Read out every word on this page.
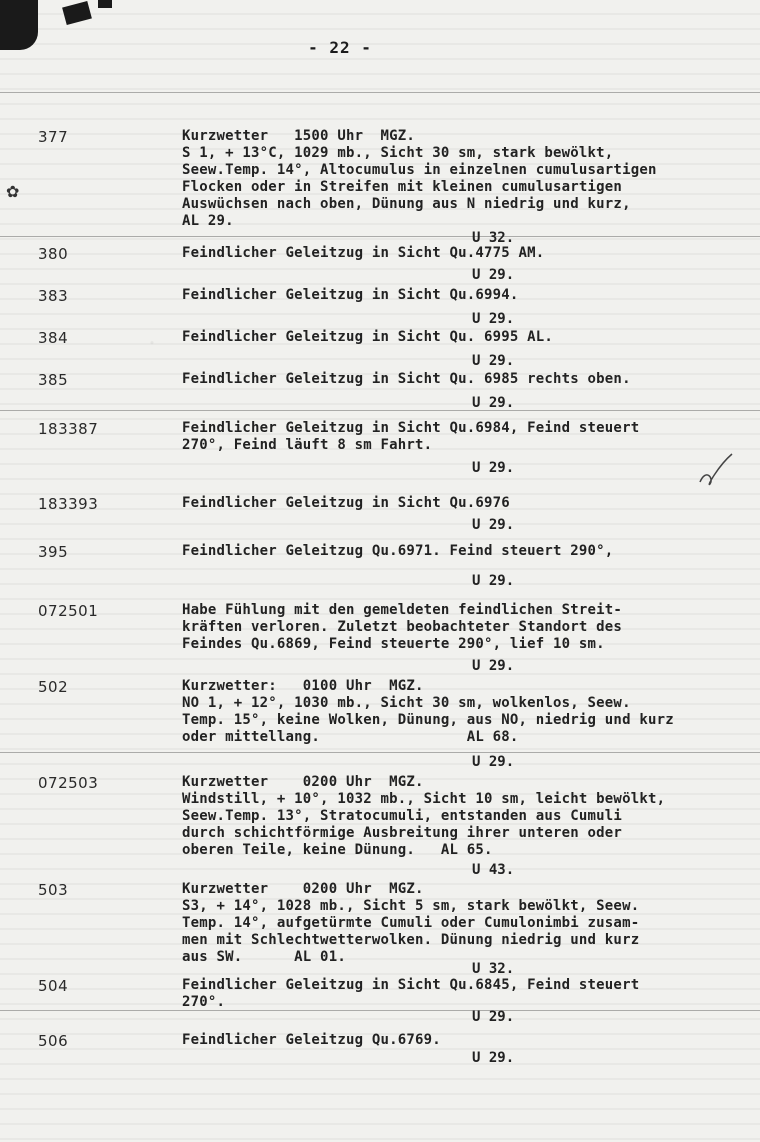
- 22 -
✿
377	Kurzwetter   1500 Uhr  MGZ.
S 1, + 13°C, 1029 mb., Sicht 30 sm, stark bewölkt,
Seew.Temp. 14°, Altocumulus in einzelnen cumulusartigen
Flocken oder in Streifen mit kleinen cumulusartigen
Auswüchsen nach oben, Dünung aus N niedrig und kurz,
AL 29.
U 32.
380	Feindlicher Geleitzug in Sicht Qu.4775 AM.
U 29.
383	Feindlicher Geleitzug in Sicht Qu.6994.
U 29.
384	Feindlicher Geleitzug in Sicht Qu. 6995 AL.
U 29.
385	Feindlicher Geleitzug in Sicht Qu. 6985 rechts oben.
U 29.
183387	Feindlicher Geleitzug in Sicht Qu.6984, Feind steuert
270°, Feind läuft 8 sm Fahrt.
U 29.
183393	Feindlicher Geleitzug in Sicht Qu.6976
U 29.
395	Feindlicher Geleitzug Qu.6971. Feind steuert 290°,
U 29.
072501	Habe Fühlung mit den gemeldeten feindlichen Streit-
kräften verloren. Zuletzt beobachteter Standort des
Feindes Qu.6869, Feind steuerte 290°, lief 10 sm.
U 29.
502	Kurzwetter:   0100 Uhr  MGZ.
NO 1, + 12°, 1030 mb., Sicht 30 sm, wolkenlos, Seew.
Temp. 15°, keine Wolken, Dünung, aus NO, niedrig und kurz
oder mittellang.                 AL 68.
U 29.
072503	Kurzwetter    0200 Uhr  MGZ.
Windstill, + 10°, 1032 mb., Sicht 10 sm, leicht bewölkt,
Seew.Temp. 13°, Stratocumuli, entstanden aus Cumuli
durch schichtförmige Ausbreitung ihrer unteren oder
oberen Teile, keine Dünung.   AL 65.
U 43.
503	Kurzwetter    0200 Uhr  MGZ.
S3, + 14°, 1028 mb., Sicht 5 sm, stark bewölkt, Seew.
Temp. 14°, aufgetürmte Cumuli oder Cumulonimbi zusam-
men mit Schlechtwetterwolken. Dünung niedrig und kurz
aus SW.      AL 01.
U 32.
504	Feindlicher Geleitzug in Sicht Qu.6845, Feind steuert
270°.
U 29.
506	Feindlicher Geleitzug Qu.6769.
U 29.
